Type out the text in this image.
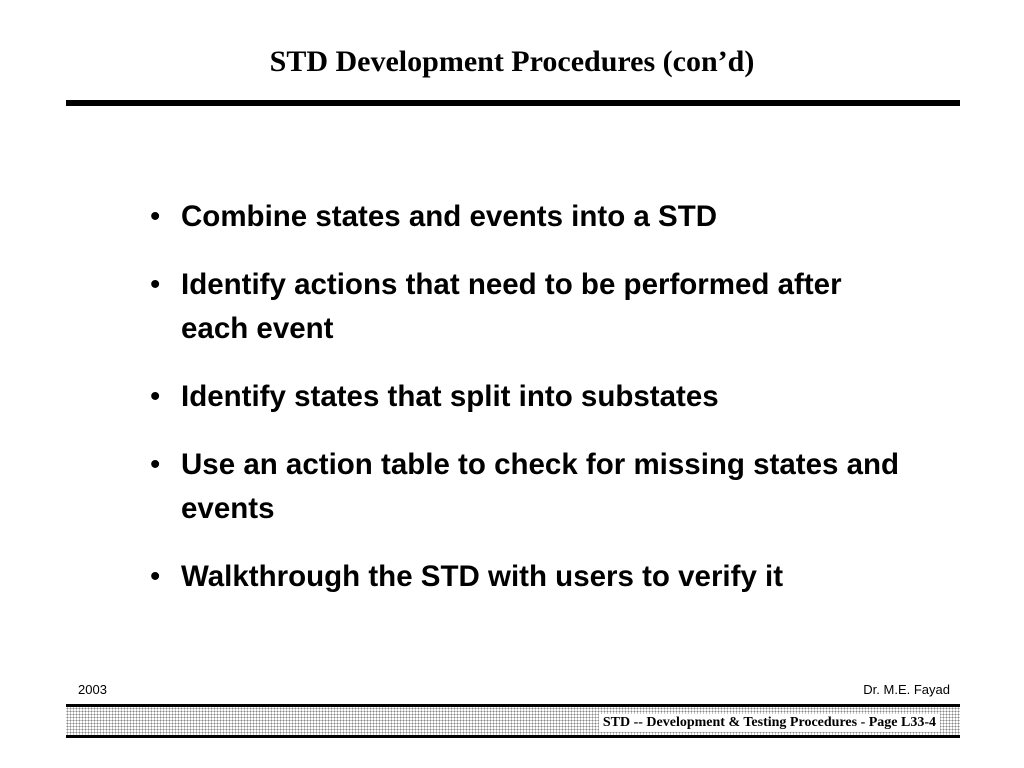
STD Development Procedures (con’d)
• Combine states and events into a STD
• Identify actions that need to be performed after each event
• Identify states that split into substates
• Use an action table to check for missing states and events
• Walkthrough the STD with users to verify it
2003	Dr. M.E. Fayad
STD -- Development & Testing Procedures - Page L33-4
